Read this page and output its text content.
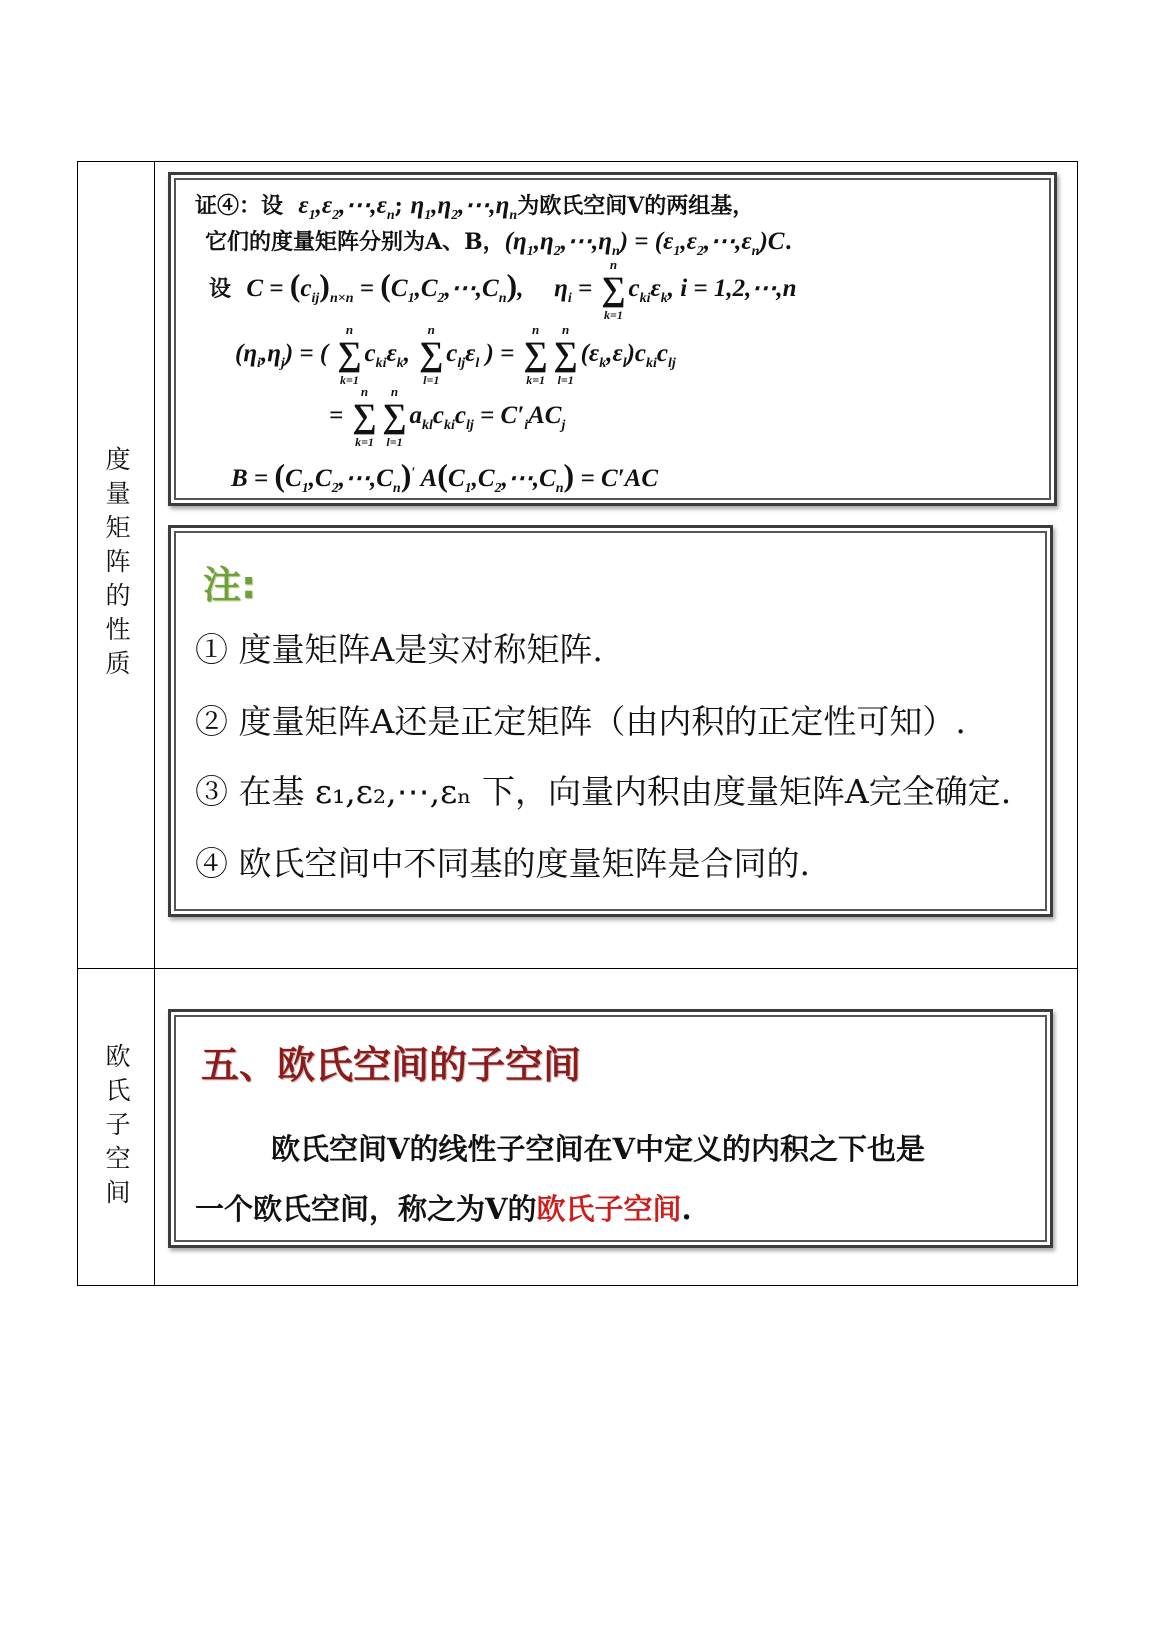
度量矩阵的性质
证④：设  $\varepsilon_1,\varepsilon_2,\cdots,\varepsilon_n$; $\eta_1,\eta_2,\cdots,\eta_n$为欧氏空间V的两组基，
它们的度量矩阵分别为A、B，$(\eta_1,\eta_2,\cdots,\eta_n)$ = $(\varepsilon_1,\varepsilon_2,\cdots,\varepsilon_n)C$.
设  $C = (c_{ij})_{n\times n}$ = $(C_1,C_2,\cdots,C_n)$, $\eta_i$ =
n
∑
k=1
$c_{ki}\varepsilon_k$, i = 1,2,⋯,n
$(\eta_i,\eta_j)$ = (
n
∑
k=1
$c_{ki}\varepsilon_k$,
n
∑
l=1
$c_{lj}\varepsilon_l$ ) =
n
∑
k=1
n
∑
l=1
$(\varepsilon_k,\varepsilon_l)c_{ki}c_{lj}$
=
n
∑
k=1
n
∑
l=1
$a_{kl}c_{ki}c_{lj} = C'_iAC_j$
$B = (C_1,C_2,\cdots,C_n)'$ $A(C_1,C_2,\cdots,C_n) = C'AC$
注:
① 度量矩阵A是实对称矩阵.
② 度量矩阵A还是正定矩阵（由内积的正定性可知）.
③ 在基 ε₁,ε₂,⋯,εₙ 下，向量内积由度量矩阵A完全确定.
④ 欧氏空间中不同基的度量矩阵是合同的.
欧氏子空间 五、欧氏空间的子空间
欧氏空间V的线性子空间在V中定义的内积之下也是
一个欧氏空间，称之为V的欧氏子空间.
